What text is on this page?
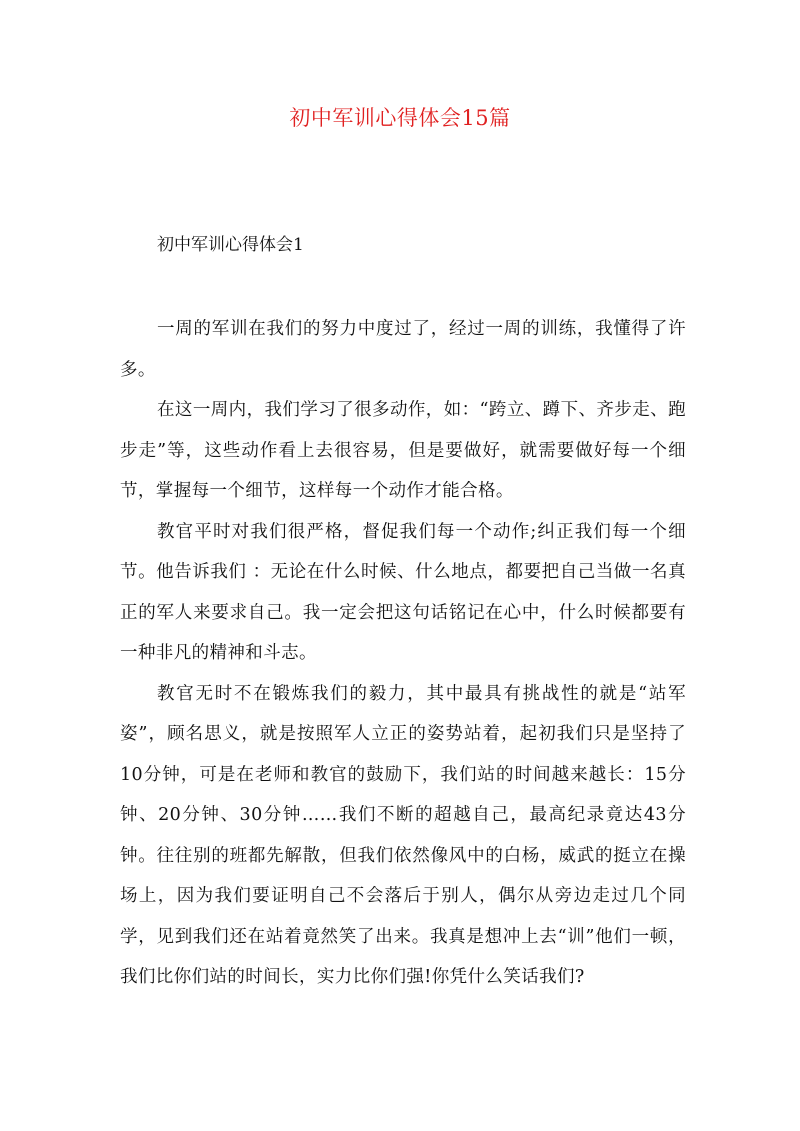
初中军训心得体会15篇
初中军训心得体会1

一周的军训在我们的努力中度过了，经过一周的训练，我懂得了许多。

在这一周内，我们学习了很多动作，如：“跨立、蹲下、齐步走、跑步走”等，这些动作看上去很容易，但是要做好，就需要做好每一个细节，掌握每一个细节，这样每一个动作才能合格。

教官平时对我们很严格，督促我们每一个动作;纠正我们每一个细节。他告诉我们 ：无论在什么时候、什么地点，都要把自己当做一名真正的军人来要求自己。我一定会把这句话铭记在心中，什么时候都要有一种非凡的精神和斗志。

教官无时不在锻炼我们的毅力，其中最具有挑战性的就是“站军姿”，顾名思义，就是按照军人立正的姿势站着，起初我们只是坚持了10分钟，可是在老师和教官的鼓励下，我们站的时间越来越长：15分钟、20分钟、30分钟……我们不断的超越自己，最高纪录竟达43分钟。往往别的班都先解散，但我们依然像风中的白杨，威武的挺立在操场上，因为我们要证明自己不会落后于别人，偶尔从旁边走过几个同学，见到我们还在站着竟然笑了出来。我真是想冲上去“训”他们一顿，我们比你们站的时间长，实力比你们强!你凭什么笑话我们?
